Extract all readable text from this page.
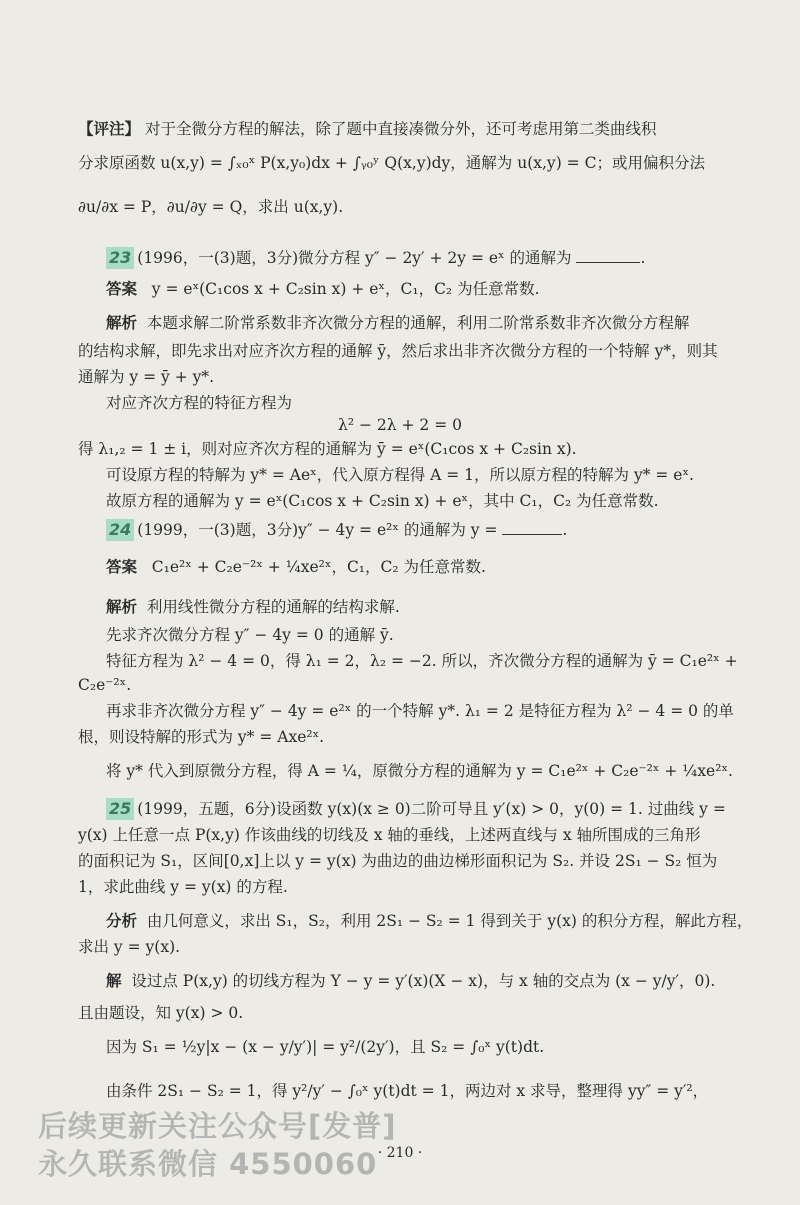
【评注】 对于全微分方程的解法，除了题中直接凑微分外，还可考虑用第二类曲线积
分求原函数 u(x,y) = ∫ₓ₀ˣ P(x,y₀)dx + ∫ᵧ₀ʸ Q(x,y)dy，通解为 u(x,y) = C；或用偏积分法
∂u/∂x = P，∂u/∂y = Q，求出 u(x,y).
23 (1996，一(3)题，3分)微分方程 y″ − 2y′ + 2y = eˣ 的通解为	.
答案 y = eˣ(C₁cos x + C₂sin x) + eˣ，C₁，C₂ 为任意常数.
解析 本题求解二阶常系数非齐次微分方程的通解，利用二阶常系数非齐次微分方程解
的结构求解，即先求出对应齐次方程的通解 ȳ，然后求出非齐次微分方程的一个特解 y*，则其
通解为 y = ȳ + y*.
对应齐次方程的特征方程为
λ² − 2λ + 2 = 0
得 λ₁,₂ = 1 ± i，则对应齐次方程的通解为 ȳ = eˣ(C₁cos x + C₂sin x).
可设原方程的特解为 y* = Aeˣ，代入原方程得 A = 1，所以原方程的特解为 y* = eˣ.
故原方程的通解为 y = eˣ(C₁cos x + C₂sin x) + eˣ，其中 C₁，C₂ 为任意常数.
24 (1999，一(3)题，3分)y″ − 4y = e²ˣ 的通解为 y =	.
答案 C₁e²ˣ + C₂e⁻²ˣ + ¼xe²ˣ，C₁，C₂ 为任意常数.
解析 利用线性微分方程的通解的结构求解.
先求齐次微分方程 y″ − 4y = 0 的通解 ȳ.
特征方程为 λ² − 4 = 0，得 λ₁ = 2，λ₂ = −2. 所以，齐次微分方程的通解为 ȳ = C₁e²ˣ +
C₂e⁻²ˣ.
再求非齐次微分方程 y″ − 4y = e²ˣ 的一个特解 y*. λ₁ = 2 是特征方程为 λ² − 4 = 0 的单
根，则设特解的形式为 y* = Axe²ˣ.
将 y* 代入到原微分方程，得 A = ¼，原微分方程的通解为 y = C₁e²ˣ + C₂e⁻²ˣ + ¼xe²ˣ.
25 (1999，五题，6分)设函数 y(x)(x ≥ 0)二阶可导且 y′(x) > 0，y(0) = 1. 过曲线 y =
y(x) 上任意一点 P(x,y) 作该曲线的切线及 x 轴的垂线，上述两直线与 x 轴所围成的三角形
的面积记为 S₁，区间[0,x]上以 y = y(x) 为曲边的曲边梯形面积记为 S₂. 并设 2S₁ − S₂ 恒为
1，求此曲线 y = y(x) 的方程.
分析 由几何意义，求出 S₁，S₂，利用 2S₁ − S₂ = 1 得到关于 y(x) 的积分方程，解此方程，
求出 y = y(x).
解 设过点 P(x,y) 的切线方程为 Y − y = y′(x)(X − x)，与 x 轴的交点为 (x − y/y′，0).
且由题设，知 y(x) > 0.
因为 S₁ = ½y|x − (x − y/y′)| = y²/(2y′)，且 S₂ = ∫₀ˣ y(t)dt.
由条件 2S₁ − S₂ = 1，得 y²/y′ − ∫₀ˣ y(t)dt = 1，两边对 x 求导，整理得 yy″ = y′²，
· 210 ·
后续更新关注公众号[发普]
永久联系微信 4550060
